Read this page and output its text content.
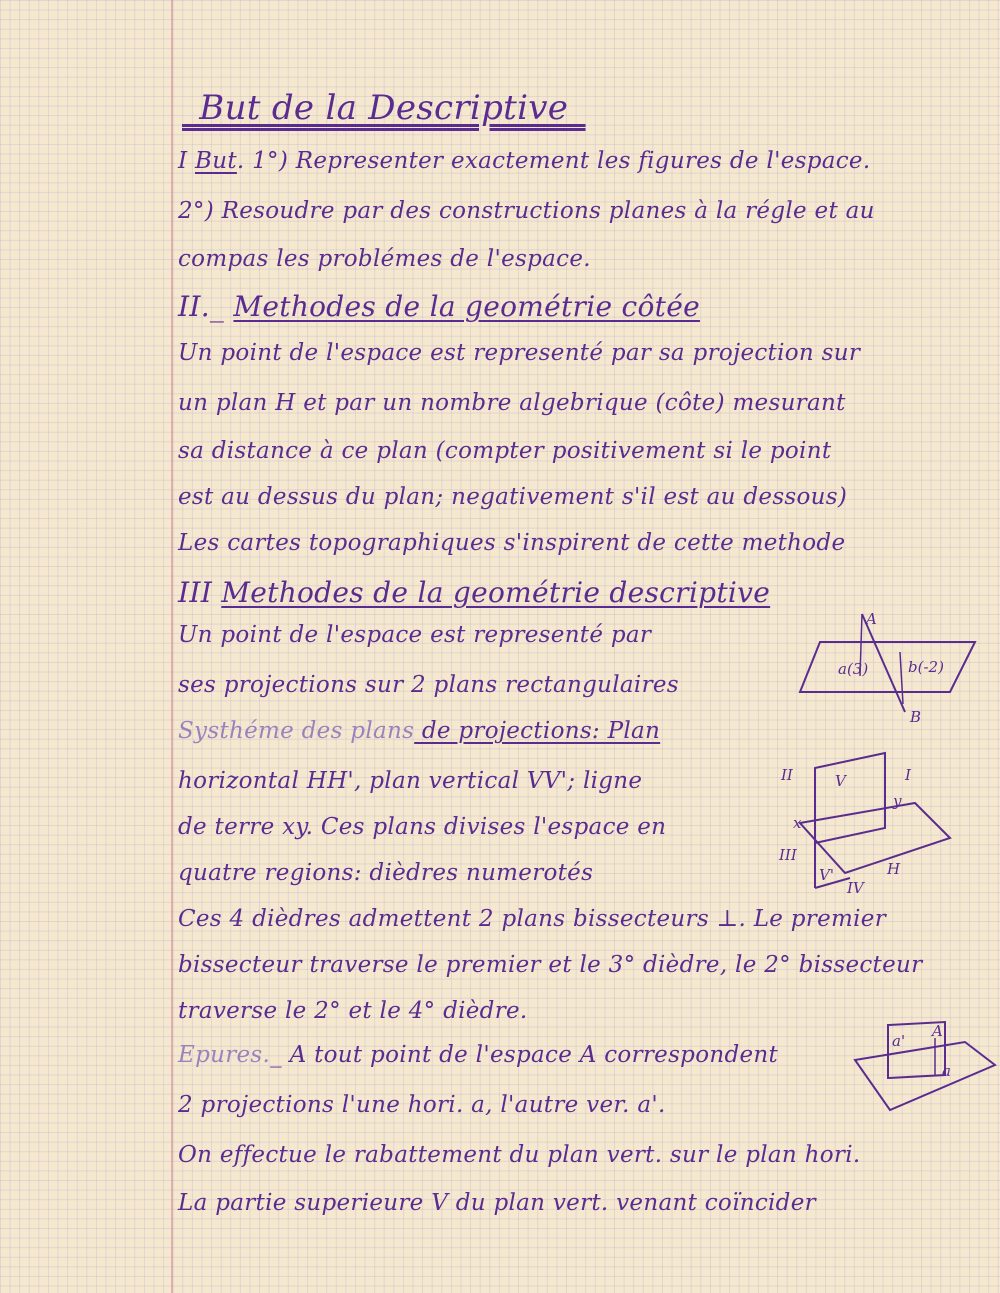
_But de la Descriptive_
I But. 1°) Representer exactement les figures de l'espace.
2°) Resoudre par des constructions planes à la régle et au
compas les problémes de l'espace.
II._ Methodes de la geométrie côtée
Un point de l'espace est representé par sa projection sur
un plan H et par un nombre algebrique (côte) mesurant
sa distance à ce plan (compter positivement si le point
est au dessus du plan; negativement s'il est au dessous)
Les cartes topographiques s'inspirent de cette methode
III Methodes de la geométrie descriptive
Un point de l'espace est representé par
ses projections sur 2 plans rectangulaires
Systhéme des plans de projections: Plan
horizontal HH', plan vertical VV'; ligne
de terre xy. Ces plans divises l'espace en
quatre regions: dièdres numerotés
Ces 4 dièdres admettent 2 plans bissecteurs ⊥. Le premier
bissecteur traverse le premier et le 3° dièdre, le 2° bissecteur
traverse le 2° et le 4° dièdre.
Epures._ A tout point de l'espace A correspondent
2 projections l'une hori. a, l'autre ver. a'.
On effectue le rabattement du plan vert. sur le plan hori.
La partie superieure V du plan vert. venant coïncider
A
a(3)	b(-2)
B
II	V	I
y
x
III
V'
IV
H
a'
A
a
